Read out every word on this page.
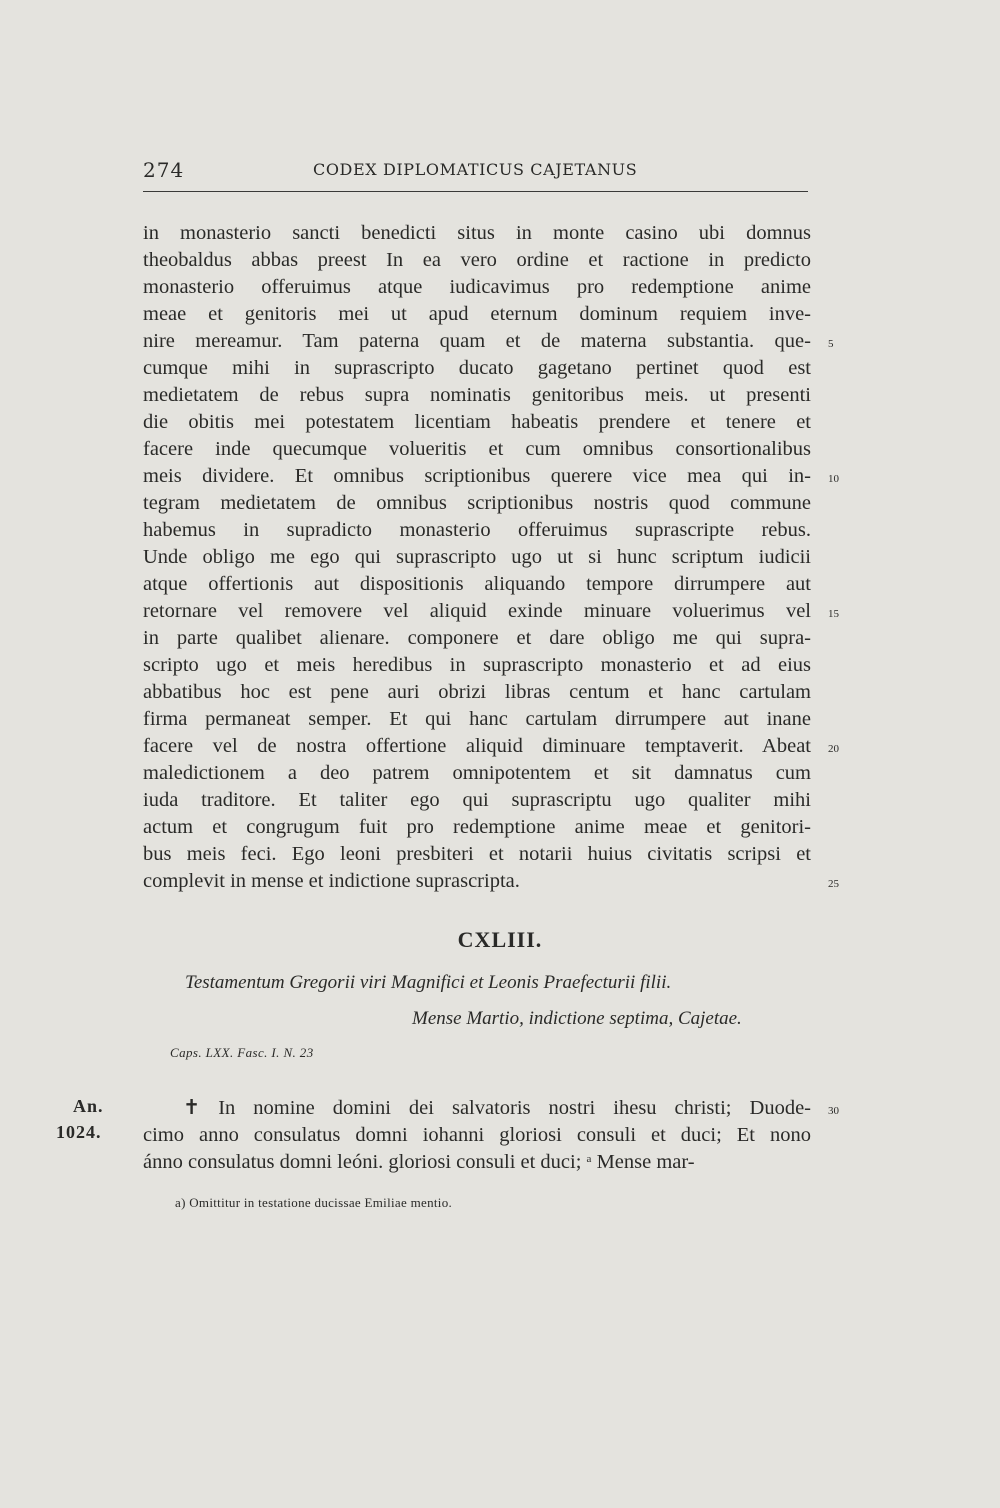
274	CODEX DIPLOMATICUS CAJETANUS
in monasterio sancti benedicti situs in monte casino ubi domnus
theobaldus abbas preest In ea vero ordine et ractione in predicto
monasterio offeruimus atque iudicavimus pro redemptione anime
meae et genitoris mei ut apud eternum dominum requiem inve-
nire mereamur. Tam paterna quam et de materna substantia. que-
cumque mihi in suprascripto ducato gagetano pertinet quod est
medietatem de rebus supra nominatis genitoribus meis. ut presenti
die obitis mei potestatem licentiam habeatis prendere et tenere et
facere inde quecumque volueritis et cum omnibus consortionalibus
meis dividere. Et omnibus scriptionibus querere vice mea qui in-
tegram medietatem de omnibus scriptionibus nostris quod commune
habemus in supradicto monasterio offeruimus suprascripte rebus.
Unde obligo me ego qui suprascripto ugo ut si hunc scriptum iudicii
atque offertionis aut dispositionis aliquando tempore dirrumpere aut
retornare vel removere vel aliquid exinde minuare voluerimus vel
in parte qualibet alienare. componere et dare obligo me qui supra-
scripto ugo et meis heredibus in suprascripto monasterio et ad eius
abbatibus hoc est pene auri obrizi libras centum et hanc cartulam
firma permaneat semper. Et qui hanc cartulam dirrumpere aut inane
facere vel de nostra offertione aliquid diminuare temptaverit. Abeat
maledictionem a deo patrem omnipotentem et sit damnatus cum
iuda traditore. Et taliter ego qui suprascriptu ugo qualiter mihi
actum et congrugum fuit pro redemptione anime meae et genitori-
bus meis feci. Ego leoni presbiteri et notarii huius civitatis scripsi et
complevit in mense et indictione suprascripta.
5
10
15
20
25
30
CXLIII.
Testamentum Gregorii viri Magnifici et Leonis Praefecturii filii.
Mense Martio, indictione septima, Cajetae.
Caps. LXX. Fasc. I. N. 23
An.
1024.
✝ In nomine domini dei salvatoris nostri ihesu christi; Duode-
cimo anno consulatus domni iohanni gloriosi consuli et duci; Et nono
ánno consulatus domni leóni. gloriosi consuli et duci; $^a$ Mense mar-
a) Omittitur in testatione ducissae Emiliae mentio.
